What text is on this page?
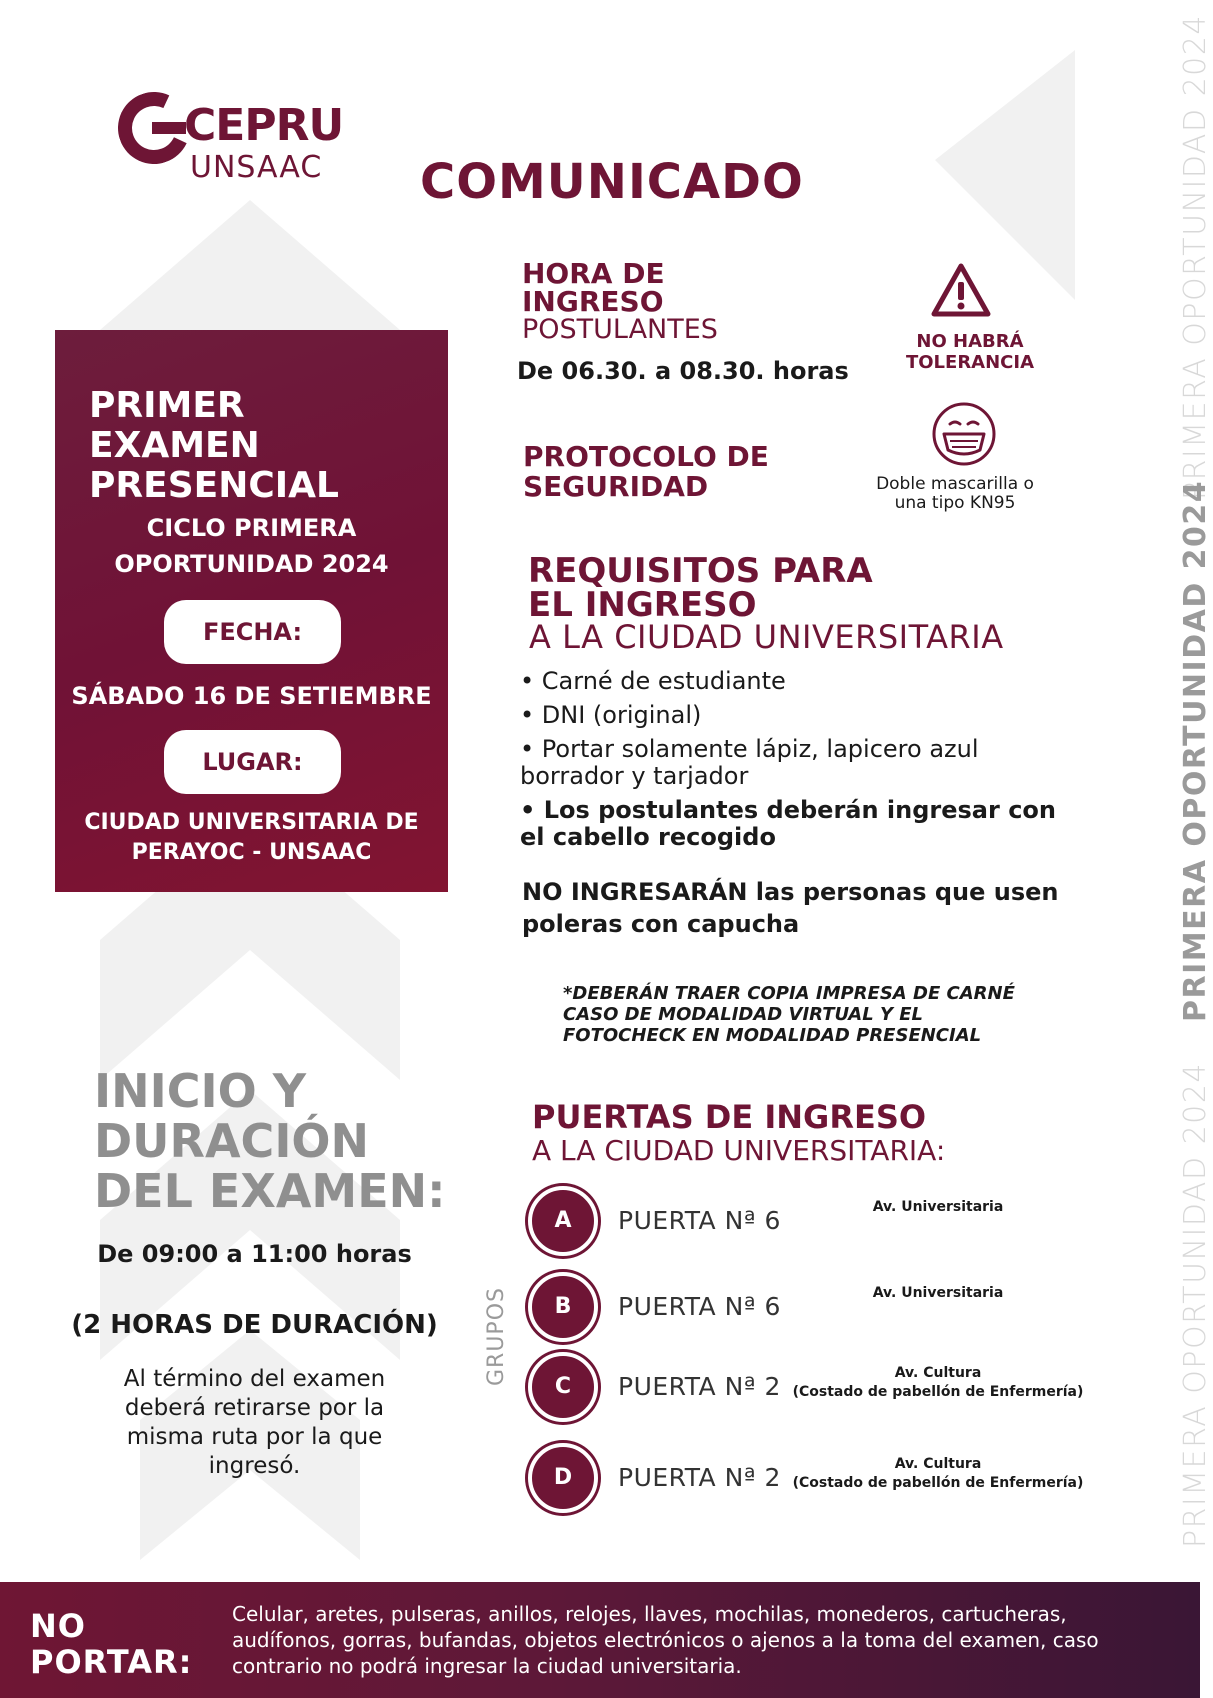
PRIMERA OPORTUNIDAD 2024
PRIMERA OPORTUNIDAD 2024
PRIMERA OPORTUNIDAD 2024
CEPRU
UNSAAC COMUNICADO
PRIMER
EXAMEN
PRESENCIAL
CICLO PRIMERA
OPORTUNIDAD 2024
FECHA:
SÁBADO 16 DE SETIEMBRE
LUGAR:
CIUDAD UNIVERSITARIA DE
PERAYOC - UNSAAC
HORA DE
INGRESO
POSTULANTES
De 06.30. a 08.30. horas
NO HABRÁ
TOLERANCIA
PROTOCOLO DE
SEGURIDAD	Doble mascarilla o
una tipo KN95
REQUISITOS PARA
EL INGRESO
A LA CIUDAD UNIVERSITARIA
• Carné de estudiante
• DNI (original)
• Portar solamente lápiz, lapicero azul borrador y tarjador
• Los postulantes deberán ingresar con el cabello recogido
NO INGRESARÁN las personas que usen poleras con capucha
*DEBERÁN TRAER COPIA IMPRESA DE CARNÉ CASO DE MODALIDAD VIRTUAL Y EL FOTOCHECK EN MODALIDAD PRESENCIAL
PUERTAS DE INGRESO
A LA CIUDAD UNIVERSITARIA:
GRUPOS
A	PUERTA Nª 6	Av. Universitaria
B	PUERTA Nª 6	Av. Universitaria
C	PUERTA Nª 2	Av. Cultura
(Costado de pabellón de Enfermería)
D	PUERTA Nª 2	Av. Cultura
(Costado de pabellón de Enfermería)
INICIO Y
DURACIÓN
DEL EXAMEN:
De 09:00 a 11:00 horas
(2 HORAS DE DURACIÓN)
Al término del examen
deberá retirarse por la
misma ruta por la que
ingresó.
NO
PORTAR:
Celular, aretes, pulseras, anillos, relojes, llaves, mochilas, monederos, cartucheras, audífonos, gorras, bufandas, objetos electrónicos o ajenos a la toma del examen, caso contrario no podrá ingresar la ciudad universitaria.
